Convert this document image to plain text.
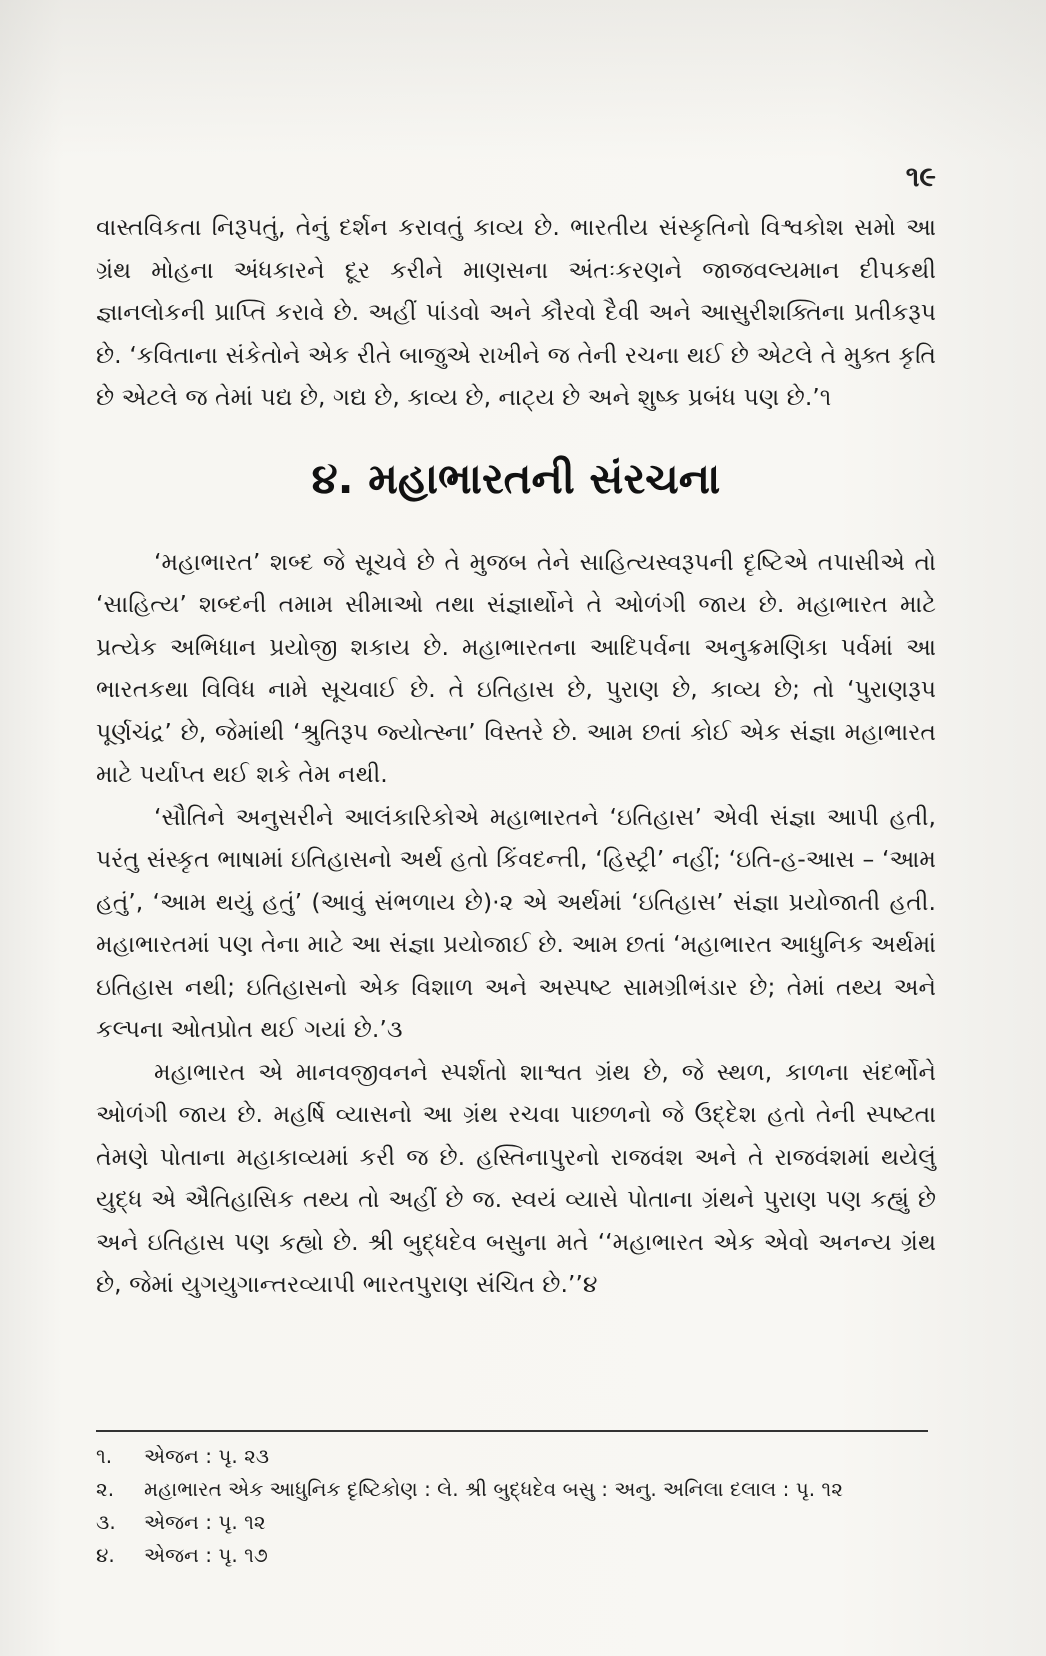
૧૯

વાસ્તવિકતા નિરૂપતું, તેનું દર્શન કરાવતું કાવ્ય છે. ભારતીય સંસ્કૃતિનો વિશ્વકોશ સમો આ ગ્રંથ મોહના અંધકારને દૂર કરીને માણસના અંતઃકરણને જાજવલ્યમાન દીપકથી જ્ઞાનલોકની પ્રાપ્તિ કરાવે છે. અહીં પાંડવો અને કૌરવો દૈવી અને આસુરીશક્તિના પ્રતીકરૂપ છે. ‘કવિતાના સંકેતોને એક રીતે બાજુએ રાખીને જ તેની રચના થઈ છે એટલે તે મુક્ત કૃતિ છે એટલે જ તેમાં પદ્ય છે, ગદ્ય છે, કાવ્ય છે, નાટ્ય છે અને શુષ્ક પ્રબંધ પણ છે.’૧

૪. મહાભારતની સંરચના

‘મહાભારત’ શબ્દ જે સૂચવે છે તે મુજબ તેને સાહિત્યસ્વરૂપની દૃષ્ટિએ તપાસીએ તો ‘સાહિત્ય’ શબ્દની તમામ સીમાઓ તથા સંજ્ઞાર્થોને તે ઓળંગી જાય છે. મહાભારત માટે પ્રત્યેક અભિધાન પ્રયોજી શકાય છે. મહાભારતના આદિપર્વના અનુક્રમણિકા પર્વમાં આ ભારતકથા વિવિધ નામે સૂચવાઈ છે. તે ઇતિહાસ છે, પુરાણ છે, કાવ્ય છે; તો ‘પુરાણરૂપ પૂર્ણચંદ્ર’ છે, જેમાંથી ‘શ્રુતિરૂપ જ્યોત્સ્ના’ વિસ્તરે છે. આમ છતાં કોઈ એક સંજ્ઞા મહાભારત માટે પર્યાપ્ત થઈ શકે તેમ નથી.

‘સૌતિને અનુસરીને આલંકારિકોએ મહાભારતને ‘ઇતિહાસ’ એવી સંજ્ઞા આપી હતી, પરંતુ સંસ્કૃત ભાષામાં ઇતિહાસનો અર્થ હતો કિંવદન્તી, ‘હિસ્ટ્રી’ નહીં; ‘ઇતિ-હ-આસ – ‘આમ હતું’, ‘આમ થયું હતું’ (આવું સંભળાય છે)·૨ એ અર્થમાં ‘ઇતિહાસ’ સંજ્ઞા પ્રયોજાતી હતી. મહાભારતમાં પણ તેના માટે આ સંજ્ઞા પ્રયોજાઈ છે. આમ છતાં ‘મહાભારત આધુનિક અર્થમાં ઇતિહાસ નથી; ઇતિહાસનો એક વિશાળ અને અસ્પષ્ટ સામગ્રીભંડાર છે; તેમાં તથ્ય અને કલ્પના ઓતપ્રોત થઈ ગયાં છે.’૩

મહાભારત એ માનવજીવનને સ્પર્શતો શાશ્વત ગ્રંથ છે, જે સ્થળ, કાળના સંદર્ભોને ઓળંગી જાય છે. મહર્ષિ વ્યાસનો આ ગ્રંથ રચવા પાછળનો જે ઉદ્દેશ હતો તેની સ્પષ્ટતા તેમણે પોતાના મહાકાવ્યમાં કરી જ છે. હસ્તિનાપુરનો રાજવંશ અને તે રાજવંશમાં થયેલું યુદ્ધ એ ઐતિહાસિક તથ્ય તો અહીં છે જ. સ્વયં વ્યાસે પોતાના ગ્રંથને પુરાણ પણ કહ્યું છે અને ઇતિહાસ પણ કહ્યો છે. શ્રી બુદ્ધદેવ બસુના મતે ‘‘મહાભારત એક એવો અનન્ય ગ્રંથ છે, જેમાં યુગયુગાન્તરવ્યાપી ભારતપુરાણ સંચિત છે.’’૪

૧.	એજન : પૃ. ૨૩
૨.	મહાભારત એક આધુનિક દૃષ્ટિકોણ : લે. શ્રી બુદ્ધદેવ બસુ : અનુ. અનિલા દલાલ : પૃ. ૧૨
૩.	એજન : પૃ. ૧૨
૪.	એજન : પૃ. ૧૭
